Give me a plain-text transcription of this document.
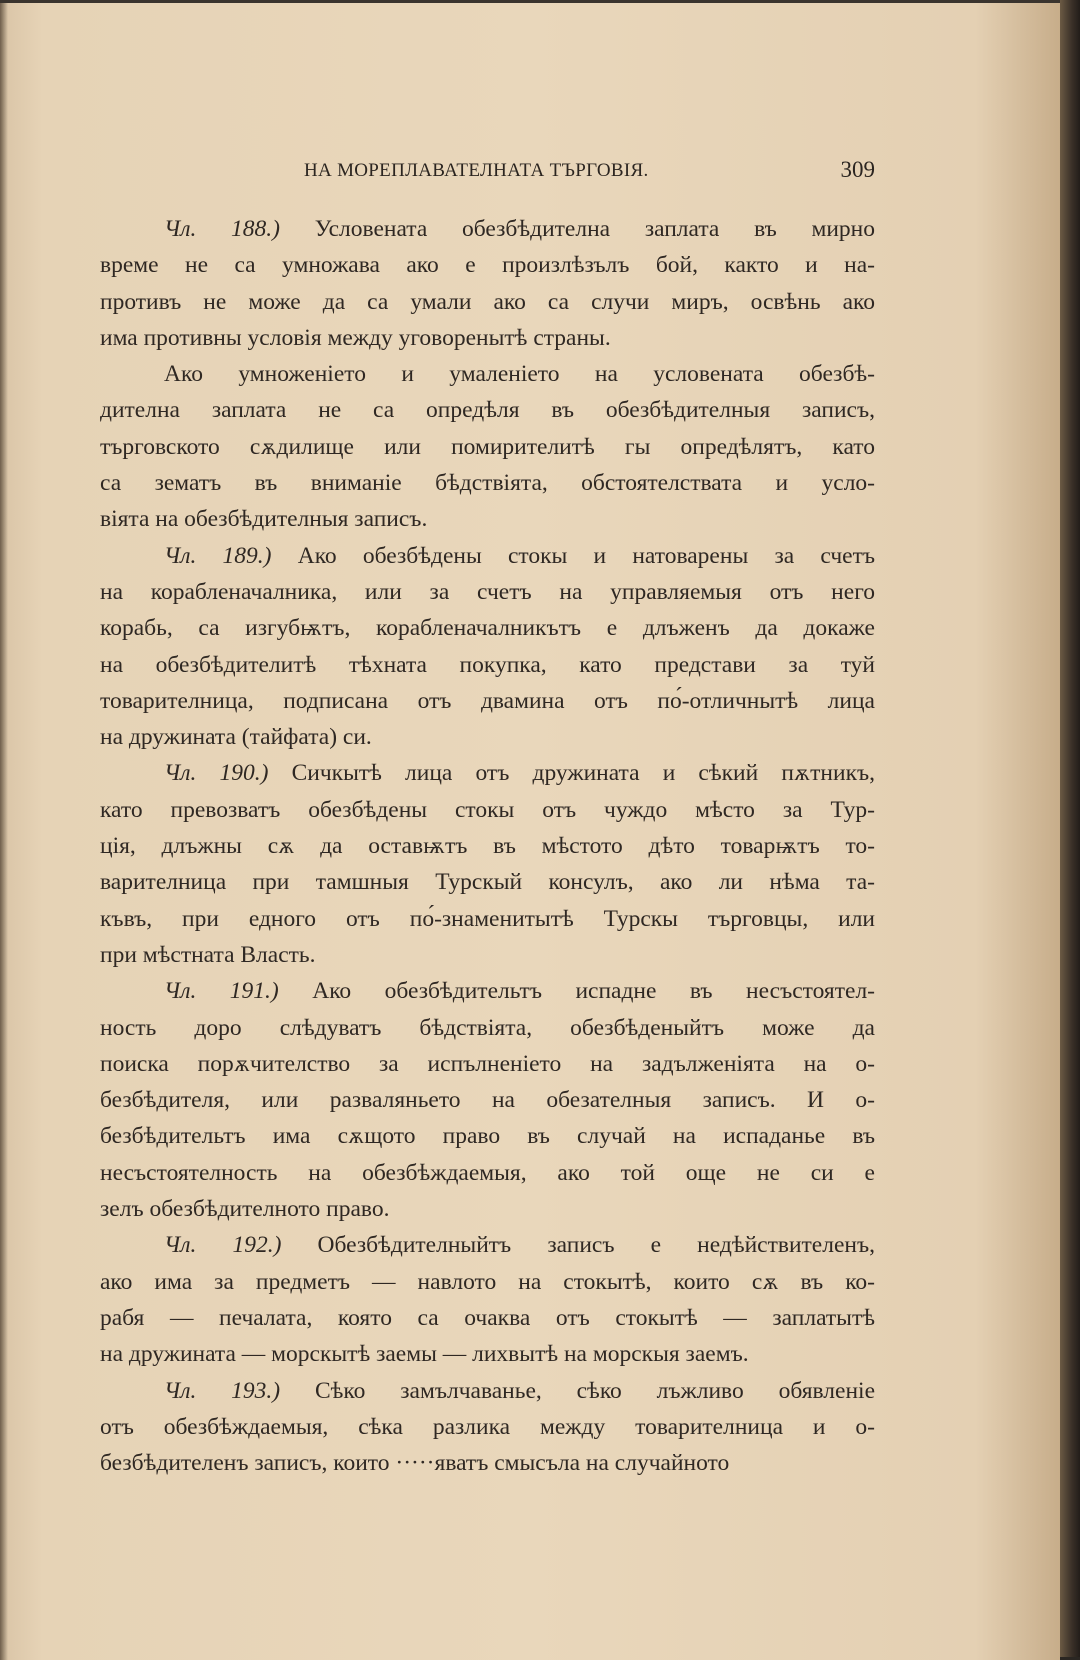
НА МОРЕПЛАВАТЕЛНАТА ТЪРГОВІЯ.	309
Чл. 188.) Условената обезбѣдителна заплата въ мирно
време не са умножава ако е произлѣзълъ бой, както и на-
противъ не може да са умали ако са случи миръ, освѣнь ако
има противны условія между уговоренытѣ страны.
Ако умноженіето и умаленіето на условената обезбѣ-
дителна заплата не са опредѣля въ обезбѣдителныя записъ,
търговското сѫдилище или помирителитѣ гы опредѣлятъ, като
са зематъ въ вниманіе бѣдствіята, обстоятелствата и усло-
віята на обезбѣдителныя записъ.
Чл. 189.) Ако обезбѣдены стокы и натоварены за счетъ
на корабленачалника, или за счетъ на управляемыя отъ него
корабь, са изгубѭтъ, корабленачалникътъ е длъженъ да докаже
на обезбѣдителитѣ тѣхната покупка, като представи за туй
товарителница, подписана отъ двамина отъ по́-отличнытѣ лица
на дружината (тайфата) си.
Чл. 190.) Сичкытѣ лица отъ дружината и сѣкий пѫтникъ,
като превозватъ обезбѣдены стокы отъ чуждо мѣсто за Тур-
ція, длъжны сѫ да оставѭтъ въ мѣстото дѣто товарѭтъ то-
варителница при тамшныя Турскый консулъ, ако ли нѣма та-
къвъ, при едного отъ по́-знаменитытѣ Турскы търговцы, или
при мѣстната Власть.
Чл. 191.) Ако обезбѣдительтъ испадне въ несъстоятел-
ность доро слѣдуватъ бѣдствіята, обезбѣденыйтъ може да
поиска порѫчителство за испълненіето на задълженіята на о-
безбѣдителя, или разваляньето на обезателныя записъ. И о-
безбѣдительтъ има сѫщото право въ случай на испаданье въ
несъстоятелность на обезбѣждаемыя, ако той още не си е
зелъ обезбѣдителното право.
Чл. 192.) Обезбѣдителныйтъ записъ е недѣйствителенъ,
ако има за предметъ — навлото на стокытѣ, които сѫ въ ко-
рабя — печалата, която са очаква отъ стокытѣ — заплатытѣ
на дружината — морскытѣ заемы — лихвытѣ на морскыя заемъ.
Чл. 193.) Сѣко замълчаванье, сѣко лъжливо обявленіе
отъ обезбѣждаемыя, сѣка разлика между товарителница и о-
безбѣдителенъ записъ, които ·····яватъ смысъла на случайното
